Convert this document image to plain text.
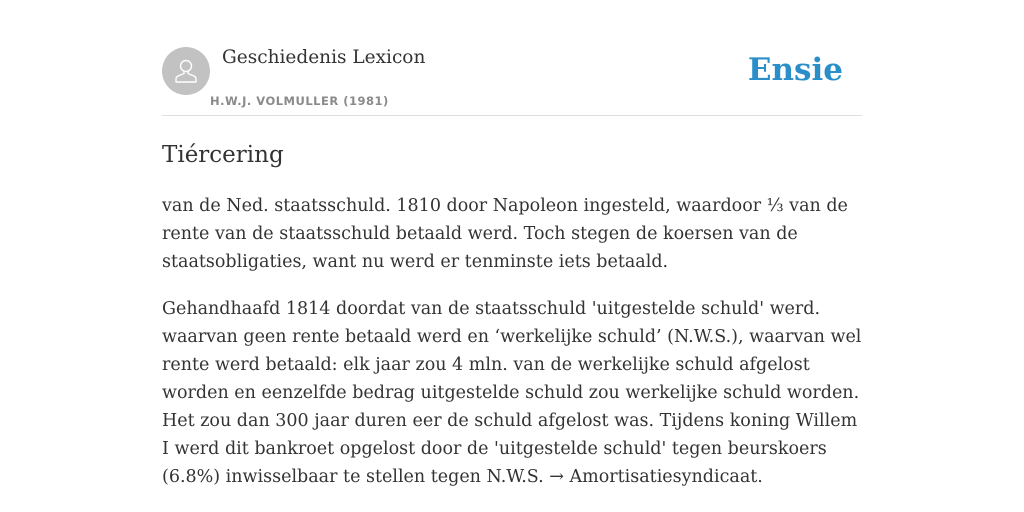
Geschiedenis Lexicon
H.W.J. VOLMULLER (1981)
Ensie
Tiércering

van de Ned. staatsschuld. 1810 door Napoleon ingesteld, waardoor ⅓ van de rente van de staatsschuld betaald werd. Toch stegen de koersen van de staatsobligaties, want nu werd er tenminste iets betaald.

Gehandhaafd 1814 doordat van de staatsschuld 'uitgestelde schuld' werd. waarvan geen rente betaald werd en ‘werkelijke schuld’ (N.W.S.), waarvan wel rente werd betaald: elk jaar zou 4 mln. van de werkelijke schuld afgelost worden en eenzelfde bedrag uitgestelde schuld zou werkelijke schuld worden. Het zou dan 300 jaar duren eer de schuld afgelost was. Tijdens koning Willem I werd dit bankroet opgelost door de 'uitgestelde schuld' tegen beurskoers (6.8%) inwisselbaar te stellen tegen N.W.S. → Amortisatiesyndicaat.
